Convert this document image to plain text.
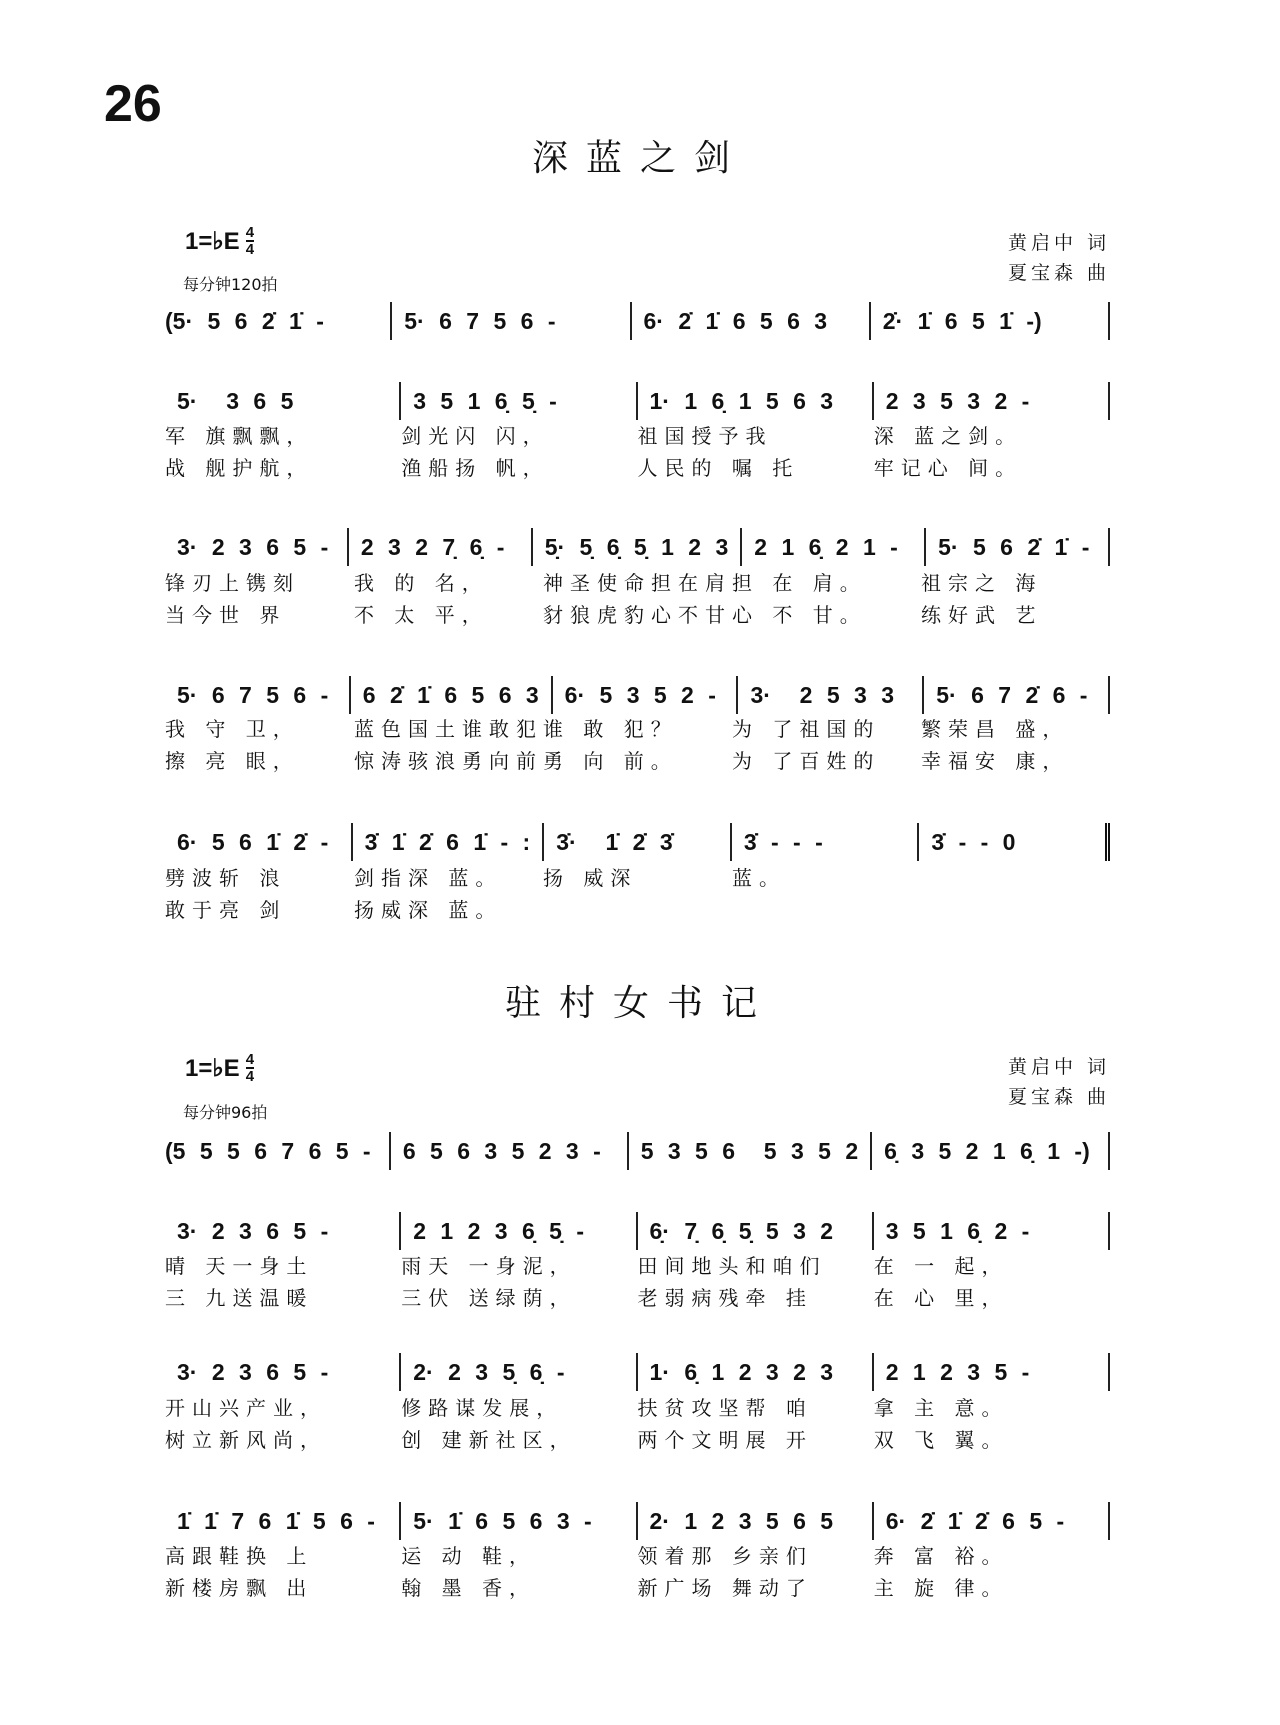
26
深蓝之剑
1=♭E $\frac{4}{4}$
每分钟120拍
黄启中 词
夏宝森 曲
(5· 5 6 2̇ 1̇ -	5· 6 7 5 6 -	6· 2̇ 1̇ 6 5 6 3	2̇· 1̇ 6 5 1̇ -)
5·  3 6 5	3 5 1 6̣ 5̣ -	1· 1 6̣ 1 5 6 3	2 3 5 3 2 -
军 旗飘飘，	剑光闪 闪，	祖国授予我	深 蓝之剑。
战 舰护航，	渔船扬 帆，	人民的 嘱 托	牢记心 间。
3· 2 3 6 5 -	2 3 2 7̣ 6̣ -	5̣· 5̣ 6̣ 5̣ 1 2 3	2 1 6̣ 2 1 -	5· 5 6 2̇ 1̇ -
锋刃上镌刻	我 的 名，	神圣使命担在肩 担 在 肩。	祖宗之 海
当今世 界	不 太 平，	豺狼虎豹心不甘 心 不 甘。	练好武 艺
5· 6 7 5 6 -	6 2̇ 1̇ 6 5 6 3	6· 5 3 5 2 -	3·  2 5 3 3	5· 6 7 2̇ 6 -
我 守 卫，	蓝色国土谁敢犯 谁 敢 犯？	为 了祖国的	繁荣昌 盛，
擦 亮 眼，	惊涛骇浪勇向前 勇 向 前。	为 了百姓的	幸福安 康，
6· 5 6 1̇ 2̇ -	3̇ 1̇ 2̇ 6 1̇ - :	3̇·  1̇ 2̇ 3̇	3̇ - - -	3̇ - - 0
劈波斩 浪	剑指深 蓝。	扬 威深	蓝。
敢于亮 剑	扬威深 蓝。
驻村女书记
1=♭E $\frac{4}{4}$
每分钟96拍
黄启中 词
夏宝森 曲
(5 5 5 6 7 6 5 -	6 5 6 3 5 2 3 -	5 3 5 6  5 3 5 2	6̣ 3 5 2 1 6̣ 1 -)
3· 2 3 6 5 -	2 1 2 3 6̣ 5̣ -	6̣· 7̣ 6̣ 5̣ 5 3 2	3 5 1 6̣ 2 -
晴 天一身土	雨天 一身泥，	田间地头和咱们	在 一 起，
三 九送温暖	三伏 送绿荫，	老弱病残牵 挂	在 心 里，
3· 2 3 6 5 -	2· 2 3 5̣ 6̣ -	1· 6̣ 1 2 3 2 3	2 1 2 3 5 -
开山兴产业，	修路谋发展，	扶贫攻坚帮 咱	拿 主 意。
树立新风尚，	创 建新社区，	两个文明展 开	双 飞 翼。
1̇ 1̇ 7 6 1̇ 5 6 -	5· 1̇ 6 5 6 3 -	2· 1 2 3 5 6 5	6· 2̇ 1̇ 2̇ 6 5 -
高跟鞋换 上	运 动 鞋，	领着那 乡亲们	奔 富 裕。
新楼房飘 出	翰 墨 香，	新广场 舞动了	主 旋 律。
